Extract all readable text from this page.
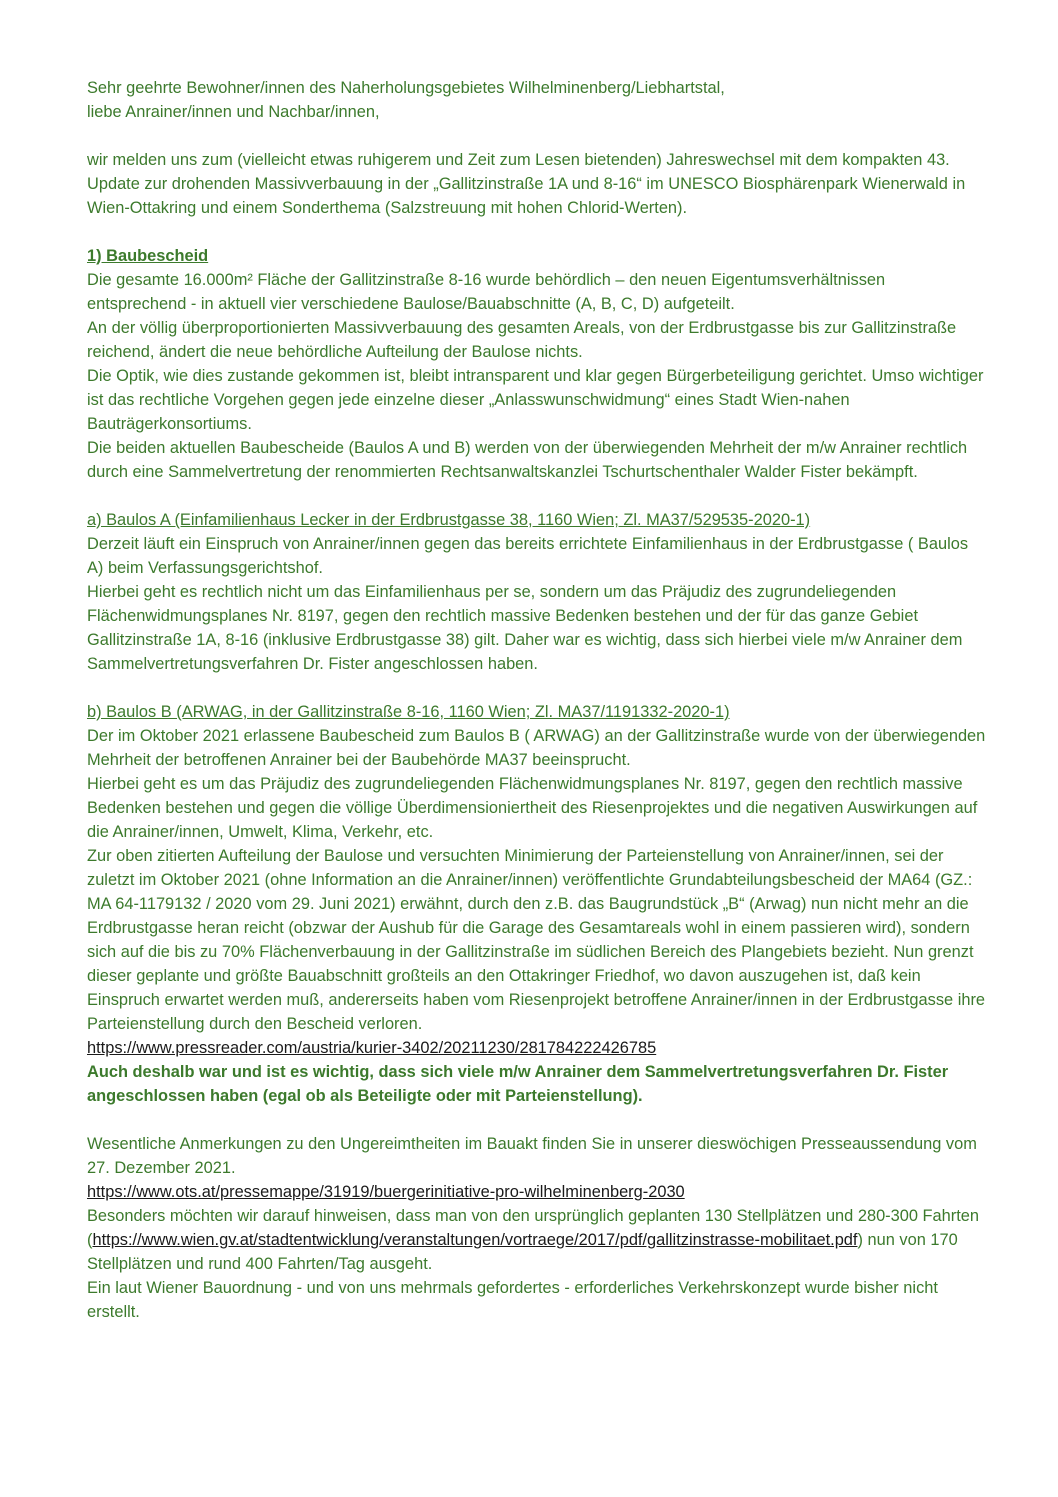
Sehr geehrte Bewohner/innen des Naherholungsgebietes Wilhelminenberg/Liebhartstal,

liebe Anrainer/innen und Nachbar/innen,

wir melden uns zum (vielleicht etwas ruhigerem und Zeit zum Lesen bietenden) Jahreswechsel mit dem kompakten 43. Update zur drohenden Massivverbauung in der „Gallitzinstraße 1A und 8-16“ im UNESCO Biosphärenpark Wienerwald in Wien-Ottakring und einem Sonderthema (Salzstreuung mit hohen Chlorid-Werten).

1) Baubescheid

Die gesamte 16.000m² Fläche der Gallitzinstraße 8-16 wurde behördlich – den neuen Eigentumsverhältnissen entsprechend - in aktuell vier verschiedene Baulose/Bauabschnitte (A, B, C, D) aufgeteilt.

An der völlig überproportionierten Massivverbauung des gesamten Areals, von der Erdbrustgasse bis zur Gallitzinstraße reichend, ändert die neue behördliche Aufteilung der Baulose nichts.

Die Optik, wie dies zustande gekommen ist, bleibt intransparent und klar gegen Bürgerbeteiligung gerichtet. Umso wichtiger ist das rechtliche Vorgehen gegen jede einzelne dieser „Anlasswunschwidmung“ eines Stadt Wien-nahen Bauträgerkonsortiums.

Die beiden aktuellen Baubescheide (Baulos A und B) werden von der überwiegenden Mehrheit der m/w Anrainer rechtlich durch eine Sammelvertretung der renommierten Rechtsanwaltskanzlei Tschurtschenthaler Walder Fister bekämpft.

a) Baulos A (Einfamilienhaus Lecker in der Erdbrustgasse 38, 1160 Wien; Zl. MA37/529535-2020-1)

Derzeit läuft ein Einspruch von Anrainer/innen gegen das bereits errichtete Einfamilienhaus in der Erdbrustgasse ( Baulos A) beim Verfassungsgerichtshof.

Hierbei geht es rechtlich nicht um das Einfamilienhaus per se, sondern um das Präjudiz des zugrundeliegenden Flächenwidmungsplanes Nr. 8197, gegen den rechtlich massive Bedenken bestehen und der für das ganze Gebiet Gallitzinstraße 1A, 8-16 (inklusive Erdbrustgasse 38) gilt. Daher war es wichtig, dass sich hierbei viele m/w Anrainer dem Sammelvertretungsverfahren Dr. Fister angeschlossen haben.

b) Baulos B (ARWAG, in der Gallitzinstraße 8-16, 1160 Wien; Zl. MA37/1191332-2020-1)

Der im Oktober 2021 erlassene Baubescheid zum Baulos B ( ARWAG) an der Gallitzinstraße wurde von der überwiegenden Mehrheit der betroffenen Anrainer bei der Baubehörde MA37 beeinsprucht.

Hierbei geht es um das Präjudiz des zugrundeliegenden Flächenwidmungsplanes Nr. 8197, gegen den rechtlich massive Bedenken bestehen und gegen die völlige Überdimensioniertheit des Riesenprojektes und die negativen Auswirkungen auf die Anrainer/innen, Umwelt, Klima, Verkehr, etc.

Zur oben zitierten Aufteilung der Baulose und versuchten Minimierung der Parteienstellung von Anrainer/innen, sei der zuletzt im Oktober 2021 (ohne Information an die Anrainer/innen) veröffentlichte Grundabteilungsbescheid der MA64 (GZ.: MA 64-1179132 / 2020 vom 29. Juni 2021) erwähnt, durch den z.B. das Baugrundstück „B“ (Arwag) nun nicht mehr an die Erdbrustgasse heran reicht (obzwar der Aushub für die Garage des Gesamtareals wohl in einem passieren wird), sondern sich auf die bis zu 70% Flächenverbauung in der Gallitzinstraße im südlichen Bereich des Plangebiets bezieht. Nun grenzt dieser geplante und größte Bauabschnitt großteils an den Ottakringer Friedhof, wo davon auszugehen ist, daß kein Einspruch erwartet werden muß, andererseits haben vom Riesenprojekt betroffene Anrainer/innen in der Erdbrustgasse ihre Parteienstellung durch den Bescheid verloren.

https://www.pressreader.com/austria/kurier-3402/20211230/281784222426785

Auch deshalb war und ist es wichtig, dass sich viele m/w Anrainer dem Sammelvertretungsverfahren Dr. Fister angeschlossen haben (egal ob als Beteiligte oder mit Parteienstellung).

Wesentliche Anmerkungen zu den Ungereimtheiten im Bauakt finden Sie in unserer dieswöchigen Presseaussendung vom 27. Dezember 2021.

https://www.ots.at/pressemappe/31919/buergerinitiative-pro-wilhelminenberg-2030

Besonders möchten wir darauf hinweisen, dass man von den ursprünglich geplanten 130 Stellplätzen und 280-300 Fahrten

(https://www.wien.gv.at/stadtentwicklung/veranstaltungen/vortraege/2017/pdf/gallitzinstrasse-mobilitaet.pdf) nun von 170 Stellplätzen und rund 400 Fahrten/Tag ausgeht.

Ein laut Wiener Bauordnung - und von uns mehrmals gefordertes - erforderliches Verkehrskonzept wurde bisher nicht erstellt.
